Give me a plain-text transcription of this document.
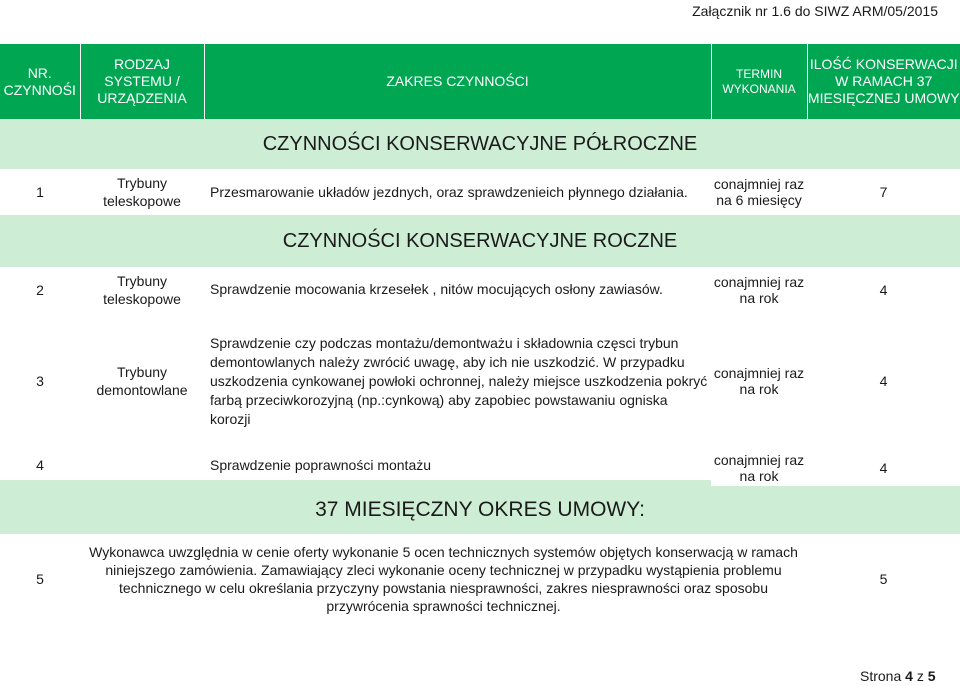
Załącznik nr 1.6 do SIWZ ARM/05/2015
NR. CZYNNOŚI	RODZAJ SYSTEMU / URZĄDZENIA	ZAKRES CZYNNOŚCI	TERMIN WYKONANIA	ILOŚĆ KONSERWACJI W RAMACH 37 MIESIĘCZNEJ UMOWY
CZYNNOŚCI KONSERWACYJNE PÓŁROCZNE				
1	Trybuny teleskopowe	Przesmarowanie układów jezdnych, oraz sprawdzenieich płynnego działania.	conajmniej raz na 6 miesięcy	7
CZYNNOŚCI KONSERWACYJNE ROCZNE				
2	Trybuny teleskopowe	Sprawdzenie mocowania krzesełek , nitów mocujących osłony zawiasów.	conajmniej raz na rok	4
3	Trybuny demontowlane	Sprawdzenie czy podczas montażu/demontważu i składownia częsci trybun demontowlanych należy zwrócić uwagę, aby ich nie uszkodzić. W przypadku uszkodzenia cynkowanej powłoki ochronnej, należy miejsce uszkodzenia pokryć farbą przeciwkorozyjną (np.:cynkową) aby zapobiec powstawaniu ogniska korozji	conajmniej raz na rok	4
4		Sprawdzenie poprawności montażu	conajmniej raz na rok	4

37 MIESIĘCZNY OKRES UMOWY:				
5	Wykonawca uwzględnia w cenie oferty wykonanie 5 ocen technicznych systemów objętych konserwacją w ramach niniejszego zamówienia. Zamawiający zleci wykonanie oceny technicznej w przypadku wystąpienia problemu technicznego w celu określania przyczyny powstania niesprawności, zakres niesprawności oraz sposobu przywrócenia sprawności technicznej.			5
Strona 4 z 5
